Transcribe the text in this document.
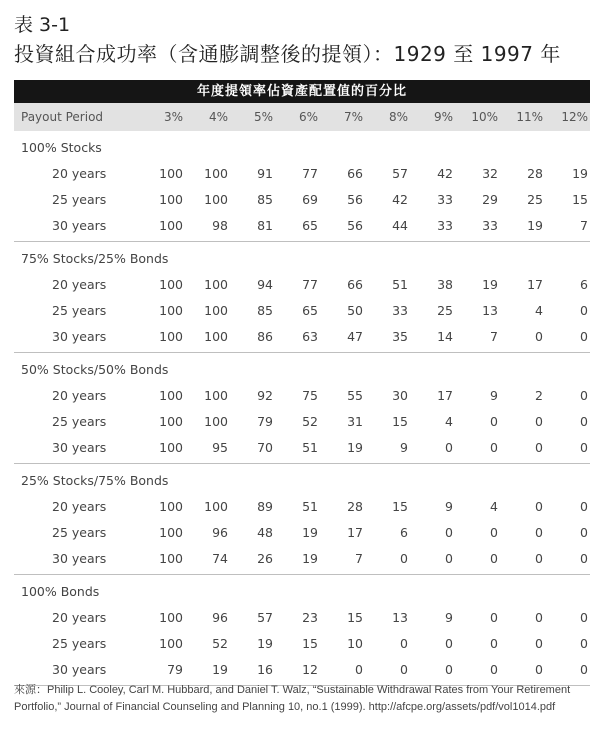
表 3-1
投資組合成功率（含通膨調整後的提領）：1929 至 1997 年
年度提領率佔資產配置值的百分比
Payout Period	3%	4%	5%	6%	7%	8%	9%	10%	11%	12%
100% Stocks
20 years	100	100	91	77	66	57	42	32	28	19
25 years	100	100	85	69	56	42	33	29	25	15
30 years	100	98	81	65	56	44	33	33	19	7
75% Stocks/25% Bonds
20 years	100	100	94	77	66	51	38	19	17	6
25 years	100	100	85	65	50	33	25	13	4	0
30 years	100	100	86	63	47	35	14	7	0	0
50% Stocks/50% Bonds
20 years	100	100	92	75	55	30	17	9	2	0
25 years	100	100	79	52	31	15	4	0	0	0
30 years	100	95	70	51	19	9	0	0	0	0
25% Stocks/75% Bonds
20 years	100	100	89	51	28	15	9	4	0	0
25 years	100	96	48	19	17	6	0	0	0	0
30 years	100	74	26	19	7	0	0	0	0	0
100% Bonds
20 years	100	96	57	23	15	13	9	0	0	0
25 years	100	52	19	15	10	0	0	0	0	0
30 years	79	19	16	12	0	0	0	0	0	0
來源：Philip L. Cooley, Carl M. Hubbard, and Daniel T. Walz, “Sustainable Withdrawal Rates from Your Retirement Portfolio,” Journal of Financial Counseling and Planning 10, no.1 (1999). http://afcpe.org/assets/pdf/vol1014.pdf
